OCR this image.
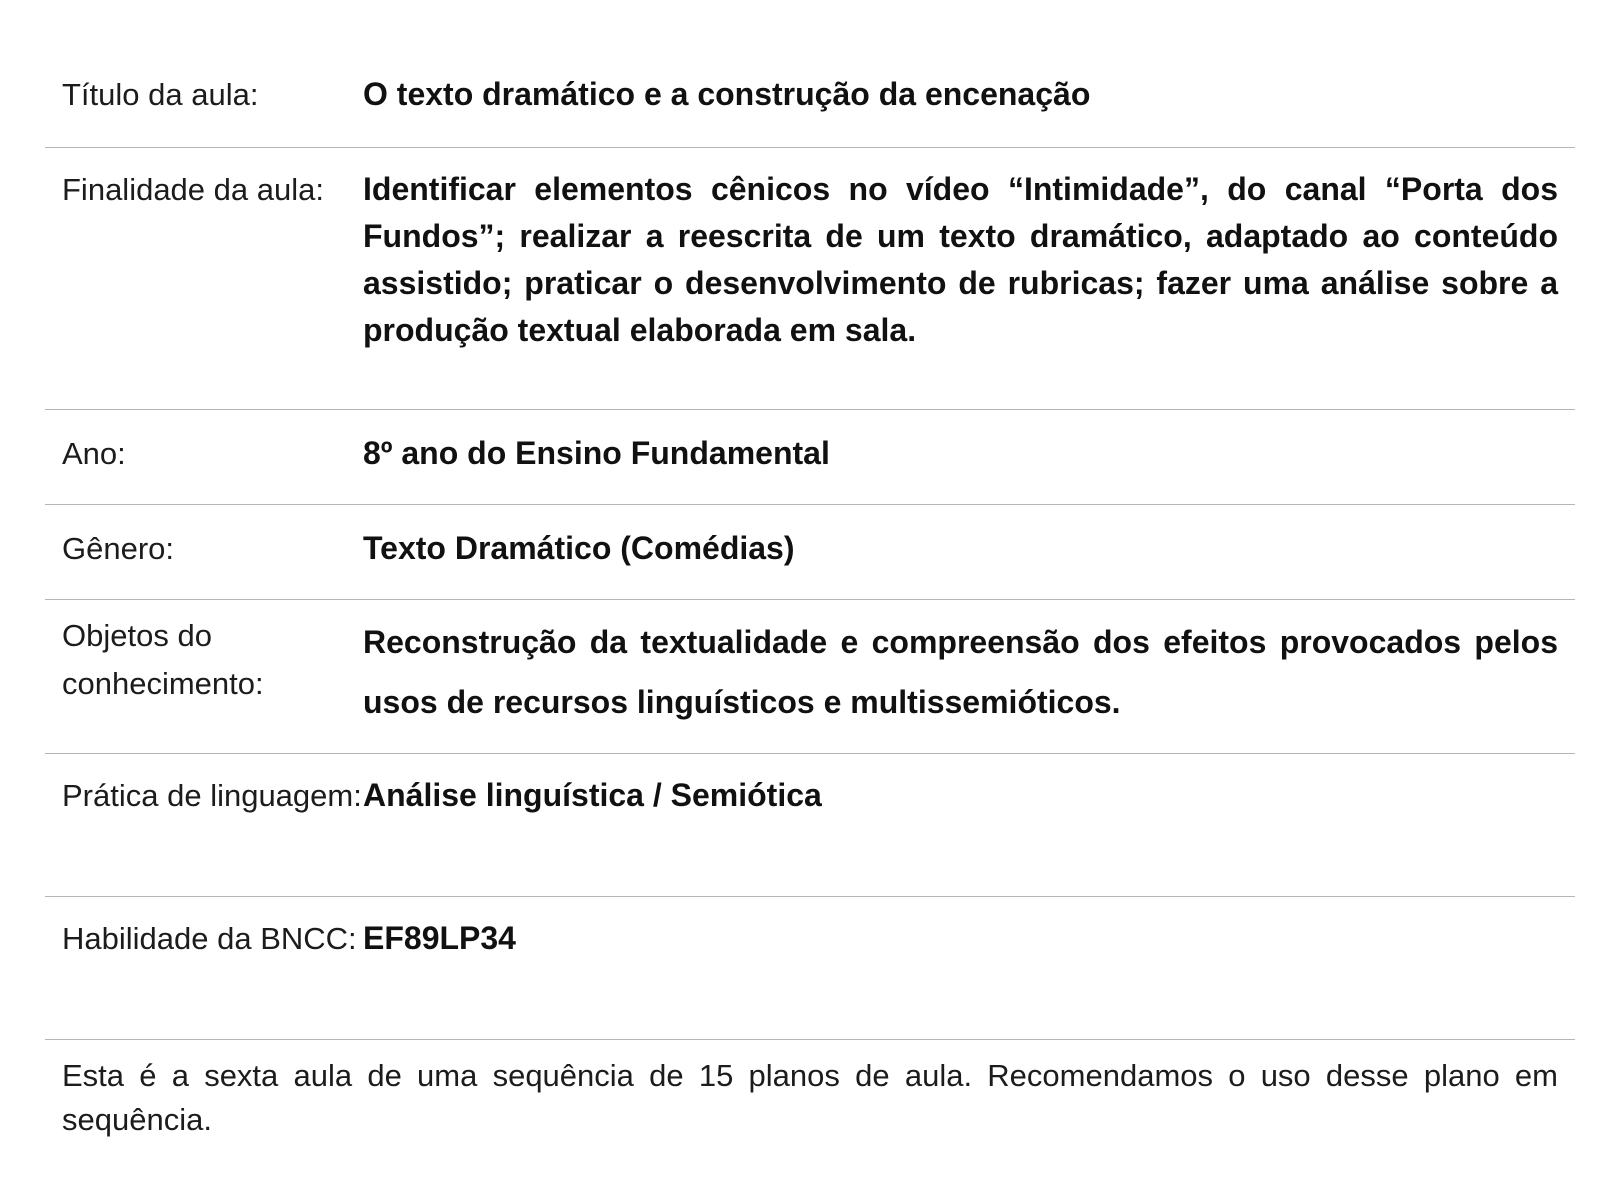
Título da aula:	O texto dramático e a construção da encenação
Finalidade da aula:	Identificar elementos cênicos no vídeo “Intimidade”, do canal “Porta dos Fundos”; realizar a reescrita de um texto dramático, adaptado ao conteúdo assistido; praticar o desenvolvimento de rubricas; fazer uma análise sobre a produção textual elaborada em sala.
Ano:	8º ano do Ensino Fundamental
Gênero:	Texto Dramático (Comédias)
Objetos do conhecimento:
Reconstrução da textualidade e compreensão dos efeitos provocados pelos usos de recursos linguísticos e multissemióticos.
Prática de linguagem: Análise linguística / Semiótica
Habilidade da BNCC: EF89LP34
Esta é a sexta aula de uma sequência de 15 planos de aula. Recomendamos o uso desse plano em sequência.
